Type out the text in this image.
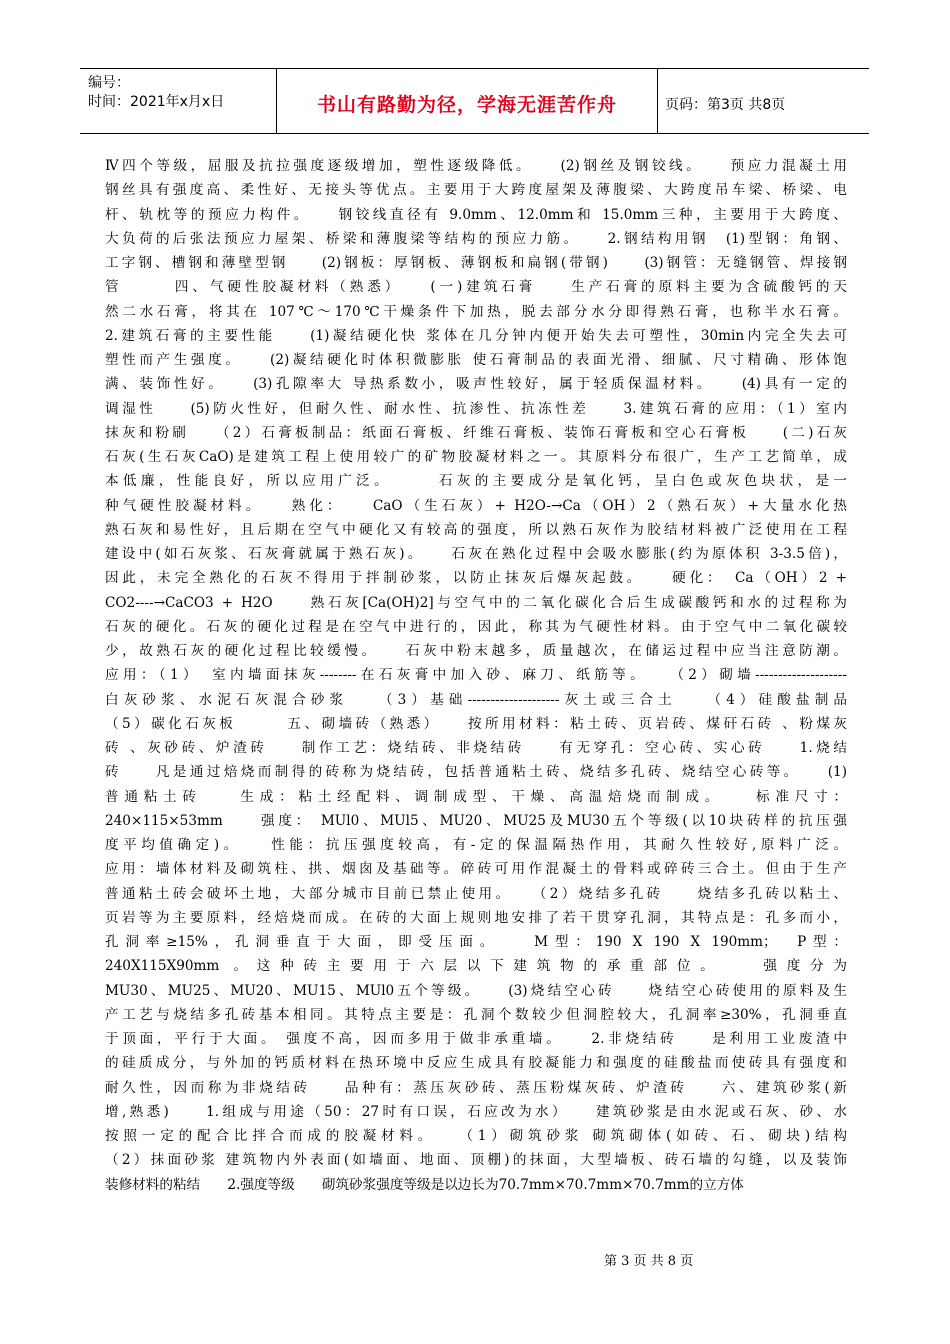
编号：
时间：2021年x月x日	书山有路勤为径，学海无涯苦作舟	页码：第3页 共8页
Ⅳ四个等级，屈服及抗拉强度逐级增加，塑性逐级降低。　　(2)钢丝及钢铰线。　　预应力混凝土用
钢丝具有强度高、柔性好、无接头等优点。主要用于大跨度屋架及薄腹梁、大跨度吊车梁、桥梁、电
杆、轨枕等的预应力构件。　　钢铰线直径有 9.0mm、12.0mm和 15.0mm三种，主要用于大跨度、
大负荷的后张法预应力屋架、桥梁和薄腹梁等结构的预应力筋。　　2.钢结构用钢　(1)型钢：角钢、
工字钢、槽钢和薄壁型钢　　(2)钢板：厚钢板、薄钢板和扁钢(带钢)　　(3)钢管：无缝钢管、焊接钢
管　　　四、气硬性胶凝材料（熟悉）　　(一)建筑石膏　　生产石膏的原料主要为含硫酸钙的天
然二水石膏，将其在 107℃～170℃干燥条件下加热，脱去部分水分即得熟石膏，也称半水石膏。
2.建筑石膏的主要性能　　(1)凝结硬化快 浆体在几分钟内便开始失去可塑性，30min内完全失去可
塑性而产生强度。　　(2)凝结硬化时体积微膨胀 使石膏制品的表面光滑、细腻、尺寸精确、形体饱
满、装饰性好。　　(3)孔隙率大 导热系数小，吸声性较好，属于轻质保温材料。　　(4)具有一定的
调湿性　　(5)防火性好，但耐久性、耐水性、抗渗性、抗冻性差　　3.建筑石膏的应用：（1）室内
抹灰和粉刷　　（2）石膏板制品：纸面石膏板、纤维石膏板、装饰石膏板和空心石膏板　　(二)石灰
石灰(生石灰CaO)是建筑工程上使用较广的矿物胶凝材料之一。其原料分布很广，生产工艺简单，成
本低廉，性能良好，所以应用广泛。　　　石灰的主要成分是氧化钙，呈白色或灰色块状，是一
种气硬性胶凝材料。　　熟化：　　CaO（生石灰）+ H2O-→Ca（OH）2（熟石灰）+大量水化热
熟石灰和易性好，且后期在空气中硬化又有较高的强度，所以熟石灰作为胶结材料被广泛使用在工程
建设中(如石灰浆、石灰膏就属于熟石灰)。　　石灰在熟化过程中会吸水膨胀(约为原体积 3-3.5倍)，
因此，未完全熟化的石灰不得用于拌制砂浆，以防止抹灰后爆灰起鼓。　　硬化：　Ca（OH）2 +
CO2----→CaCO3 + H2O　　熟石灰[Ca(OH)2]与空气中的二氧化碳化合后生成碳酸钙和水的过程称为
石灰的硬化。石灰的硬化过程是在空气中进行的，因此，称其为气硬性材料。由于空气中二氧化碳较
少，故熟石灰的硬化过程比较缓慢。　　石灰中粉末越多，质量越次，在储运过程中应当注意防潮。
应用：（1）　室内墙面抹灰--------在石灰膏中加入砂、麻刀、纸筋等。　　（2）砌墙--------------------
白灰砂浆、水泥石灰混合砂浆　　（3）基础--------------------灰土或三合土　　（4）硅酸盐制品
（5）碳化石灰板　　　五、砌墙砖（熟悉）　　按所用材料：粘土砖、页岩砖、煤矸石砖 、粉煤灰
砖 、灰砂砖、炉渣砖　　制作工艺：烧结砖、非烧结砖　　有无穿孔：空心砖、实心砖　　1.烧结
砖　　凡是通过焙烧而制得的砖称为烧结砖，包括普通粘土砖、烧结多孔砖、烧结空心砖等。　　(1)
普通粘土砖　　生成：粘土经配料、调制成型、干燥、高温焙烧而制成。　　标准尺寸：
240×115×53mm　　强度： MUl0、MUl5、MU20、MU25及MU30五个等级(以10块砖样的抗压强
度平均值确定)。　　性能：抗压强度较高，有-定的保温隔热作用，其耐久性较好,原料广泛。
应用：墙体材料及砌筑柱、拱、烟囱及基础等。碎砖可用作混凝土的骨料或碎砖三合土。但由于生产
普通粘土砖会破坏土地，大部分城市目前已禁止使用。　　（2）烧结多孔砖　　烧结多孔砖以粘土、
页岩等为主要原料，经焙烧而成。在砖的大面上规则地安排了若干贯穿孔洞，其特点是：孔多而小，
孔洞率≥15%，孔洞垂直于大面，即受压面。　　M型：190 X 190 X 190mm；　P型：
240X115X90mm 。这种砖主要用于六层以下建筑物的承重部位。　　强度分为
MU30、MU25、MU20、MU15、MUl0五个等级。　　(3)烧结空心砖　　烧结空心砖使用的原料及生
产工艺与烧结多孔砖基本相同。其特点主要是：孔洞个数较少但洞腔较大，孔洞率≥30%，孔洞垂直
于顶面，平行于大面。 强度不高，因而多用于做非承重墙。　　2.非烧结砖　　是利用工业废渣中
的硅质成分，与外加的钙质材料在热环境中反应生成具有胶凝能力和强度的硅酸盐而使砖具有强度和
耐久性，因而称为非烧结砖　　品种有：蒸压灰砂砖、蒸压粉煤灰砖、炉渣砖　　六、建筑砂浆(新
增,熟悉)　　1.组成与用途（50：27时有口误，石应改为水）　　建筑砂浆是由水泥或石灰、砂、水
按照一定的配合比拌合而成的胶凝材料。　　（1）砌筑砂浆 砌筑砌体(如砖、石、砌块)结构
（2）抹面砂浆 建筑物内外表面(如墙面、地面、顶棚)的抹面，大型墙板、砖石墙的勾缝，以及装饰
装修材料的粘结　　2.强度等级　　砌筑砂浆强度等级是以边长为70.7mm×70.7mm×70.7mm的立方体
第 3 页 共 8 页
